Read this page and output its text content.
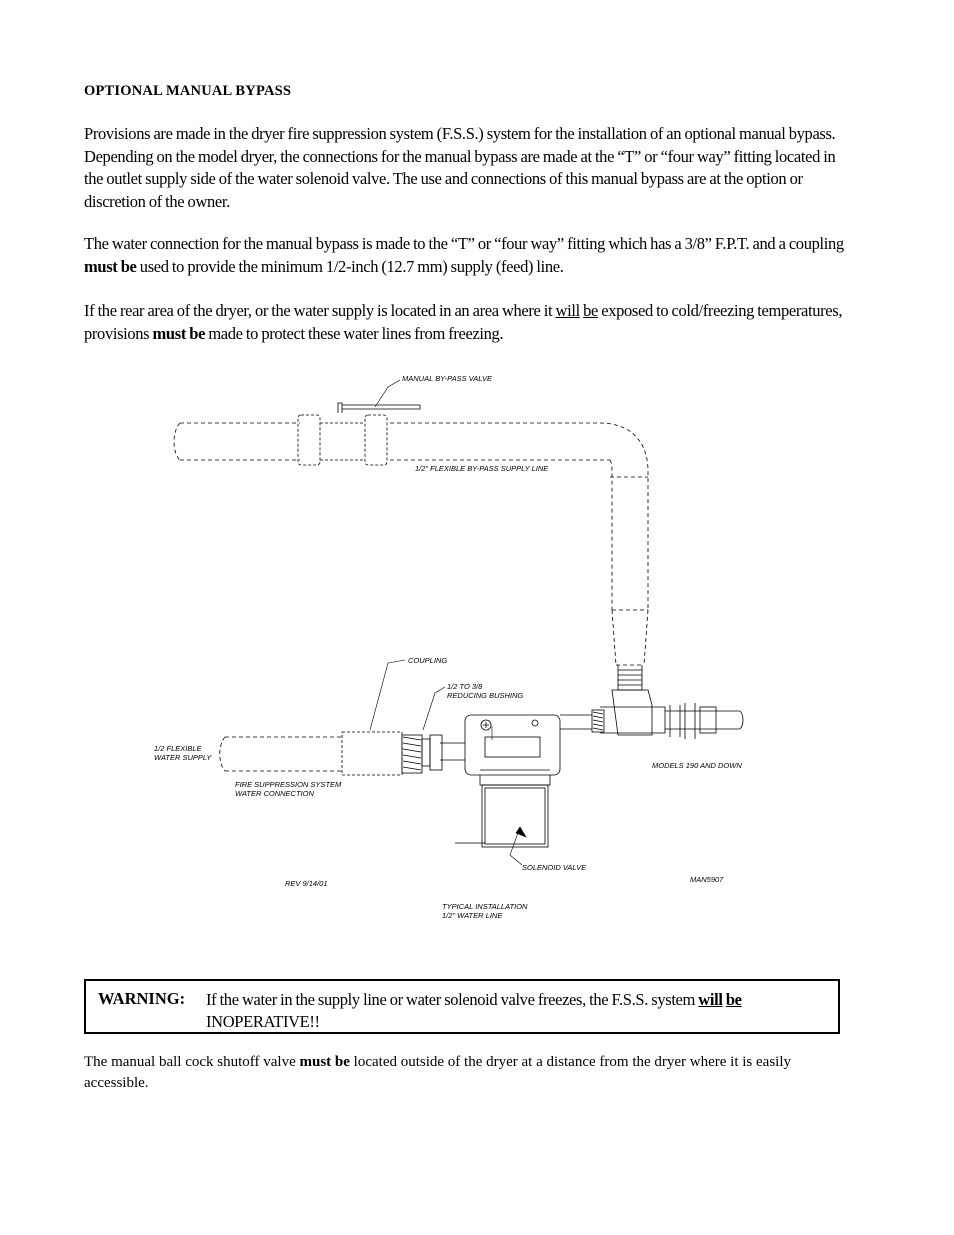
OPTIONAL MANUAL BYPASS

Provisions are made in the dryer fire suppression system (F.S.S.) system for the installation of an optional manual bypass. Depending on the model dryer, the connections for the manual bypass are made at the “T” or “four way” fitting located in the outlet supply side of the water solenoid valve. The use and connections of this manual bypass are at the option or discretion of the owner.

The water connection for the manual bypass is made to the “T” or “four way” fitting which has a 3/8” F.P.T. and a coupling must be used to provide the minimum 1/2-inch (12.7 mm) supply (feed) line.

If the rear area of the dryer, or the water supply is located in an area where it will be exposed to cold/freezing temperatures, provisions must be made to protect these water lines from freezing.

MANUAL BY-PASS VALVE
1/2" FLEXIBLE BY-PASS SUPPLY LINE
COUPLING
1/2 TO 3/8
REDUCING BUSHING
1/2 FLEXIBLE
WATER SUPPLY
FIRE SUPPRESSION SYSTEM
WATER CONNECTION
MODELS 190 AND DOWN
SOLENOID VALVE
REV 9/14/01	MAN5907
TYPICAL INSTALLATION
1/2" WATER LINE
WARNING: If the water in the supply line or water solenoid valve freezes, the F.S.S. system will be INOPERATIVE!!

The manual ball cock shutoff valve must be located outside of the dryer at a distance from the dryer where it is easily accessible.
